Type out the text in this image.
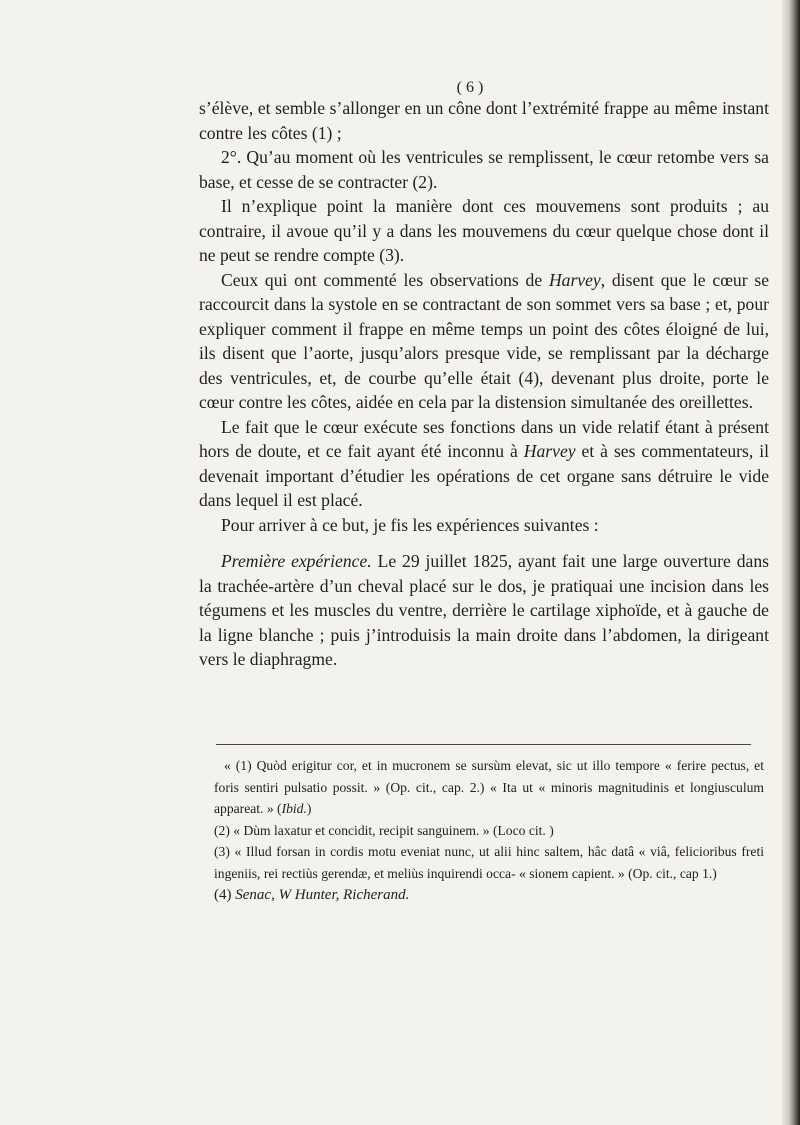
( 6 )

s’élève, et semble s’allonger en un cône dont l’extrémité frappe au même instant contre les côtes (1) ;

2°. Qu’au moment où les ventricules se remplissent, le cœur retombe vers sa base, et cesse de se contracter (2).

Il n’explique point la manière dont ces mouvemens sont produits ; au contraire, il avoue qu’il y a dans les mouvemens du cœur quelque chose dont il ne peut se rendre compte (3).

Ceux qui ont commenté les observations de Harvey, disent que le cœur se raccourcit dans la systole en se contractant de son sommet vers sa base ; et, pour expliquer comment il frappe en même temps un point des côtes éloigné de lui, ils disent que l’aorte, jusqu’alors presque vide, se remplissant par la décharge des ventricules, et, de courbe qu’elle était (4), devenant plus droite, porte le cœur contre les côtes, aidée en cela par la distension simultanée des oreillettes.

Le fait que le cœur exécute ses fonctions dans un vide relatif étant à présent hors de doute, et ce fait ayant été inconnu à Harvey et à ses commentateurs, il devenait important d’étudier les opérations de cet organe sans détruire le vide dans lequel il est placé.

Pour arriver à ce but, je fis les expériences suivantes :

Première expérience. Le 29 juillet 1825, ayant fait une large ouverture dans la trachée-artère d’un cheval placé sur le dos, je pratiquai une incision dans les tégumens et les muscles du ventre, derrière le cartilage xiphoïde, et à gauche de la ligne blanche ; puis j’introduisis la main droite dans l’abdomen, la dirigeant vers le diaphragme.

« (1) Quòd erigitur cor, et in mucronem se sursùm elevat, sic ut illo tempore « ferire pectus, et foris sentiri pulsatio possit. » (Op. cit., cap. 2.) « Ita ut « minoris magnitudinis et longiusculum appareat. » (Ibid.)

(2) « Dùm laxatur et concidit, recipit sanguinem. » (Loco cit. )

(3) « Illud forsan in cordis motu eveniat nunc, ut alii hinc saltem, hâc datâ « viâ, felicioribus freti ingeniis, rei rectiùs gerendæ, et meliùs inquirendi occa- « sionem capient. » (Op. cit., cap 1.)

(4) Senac, W Hunter, Richerand.
